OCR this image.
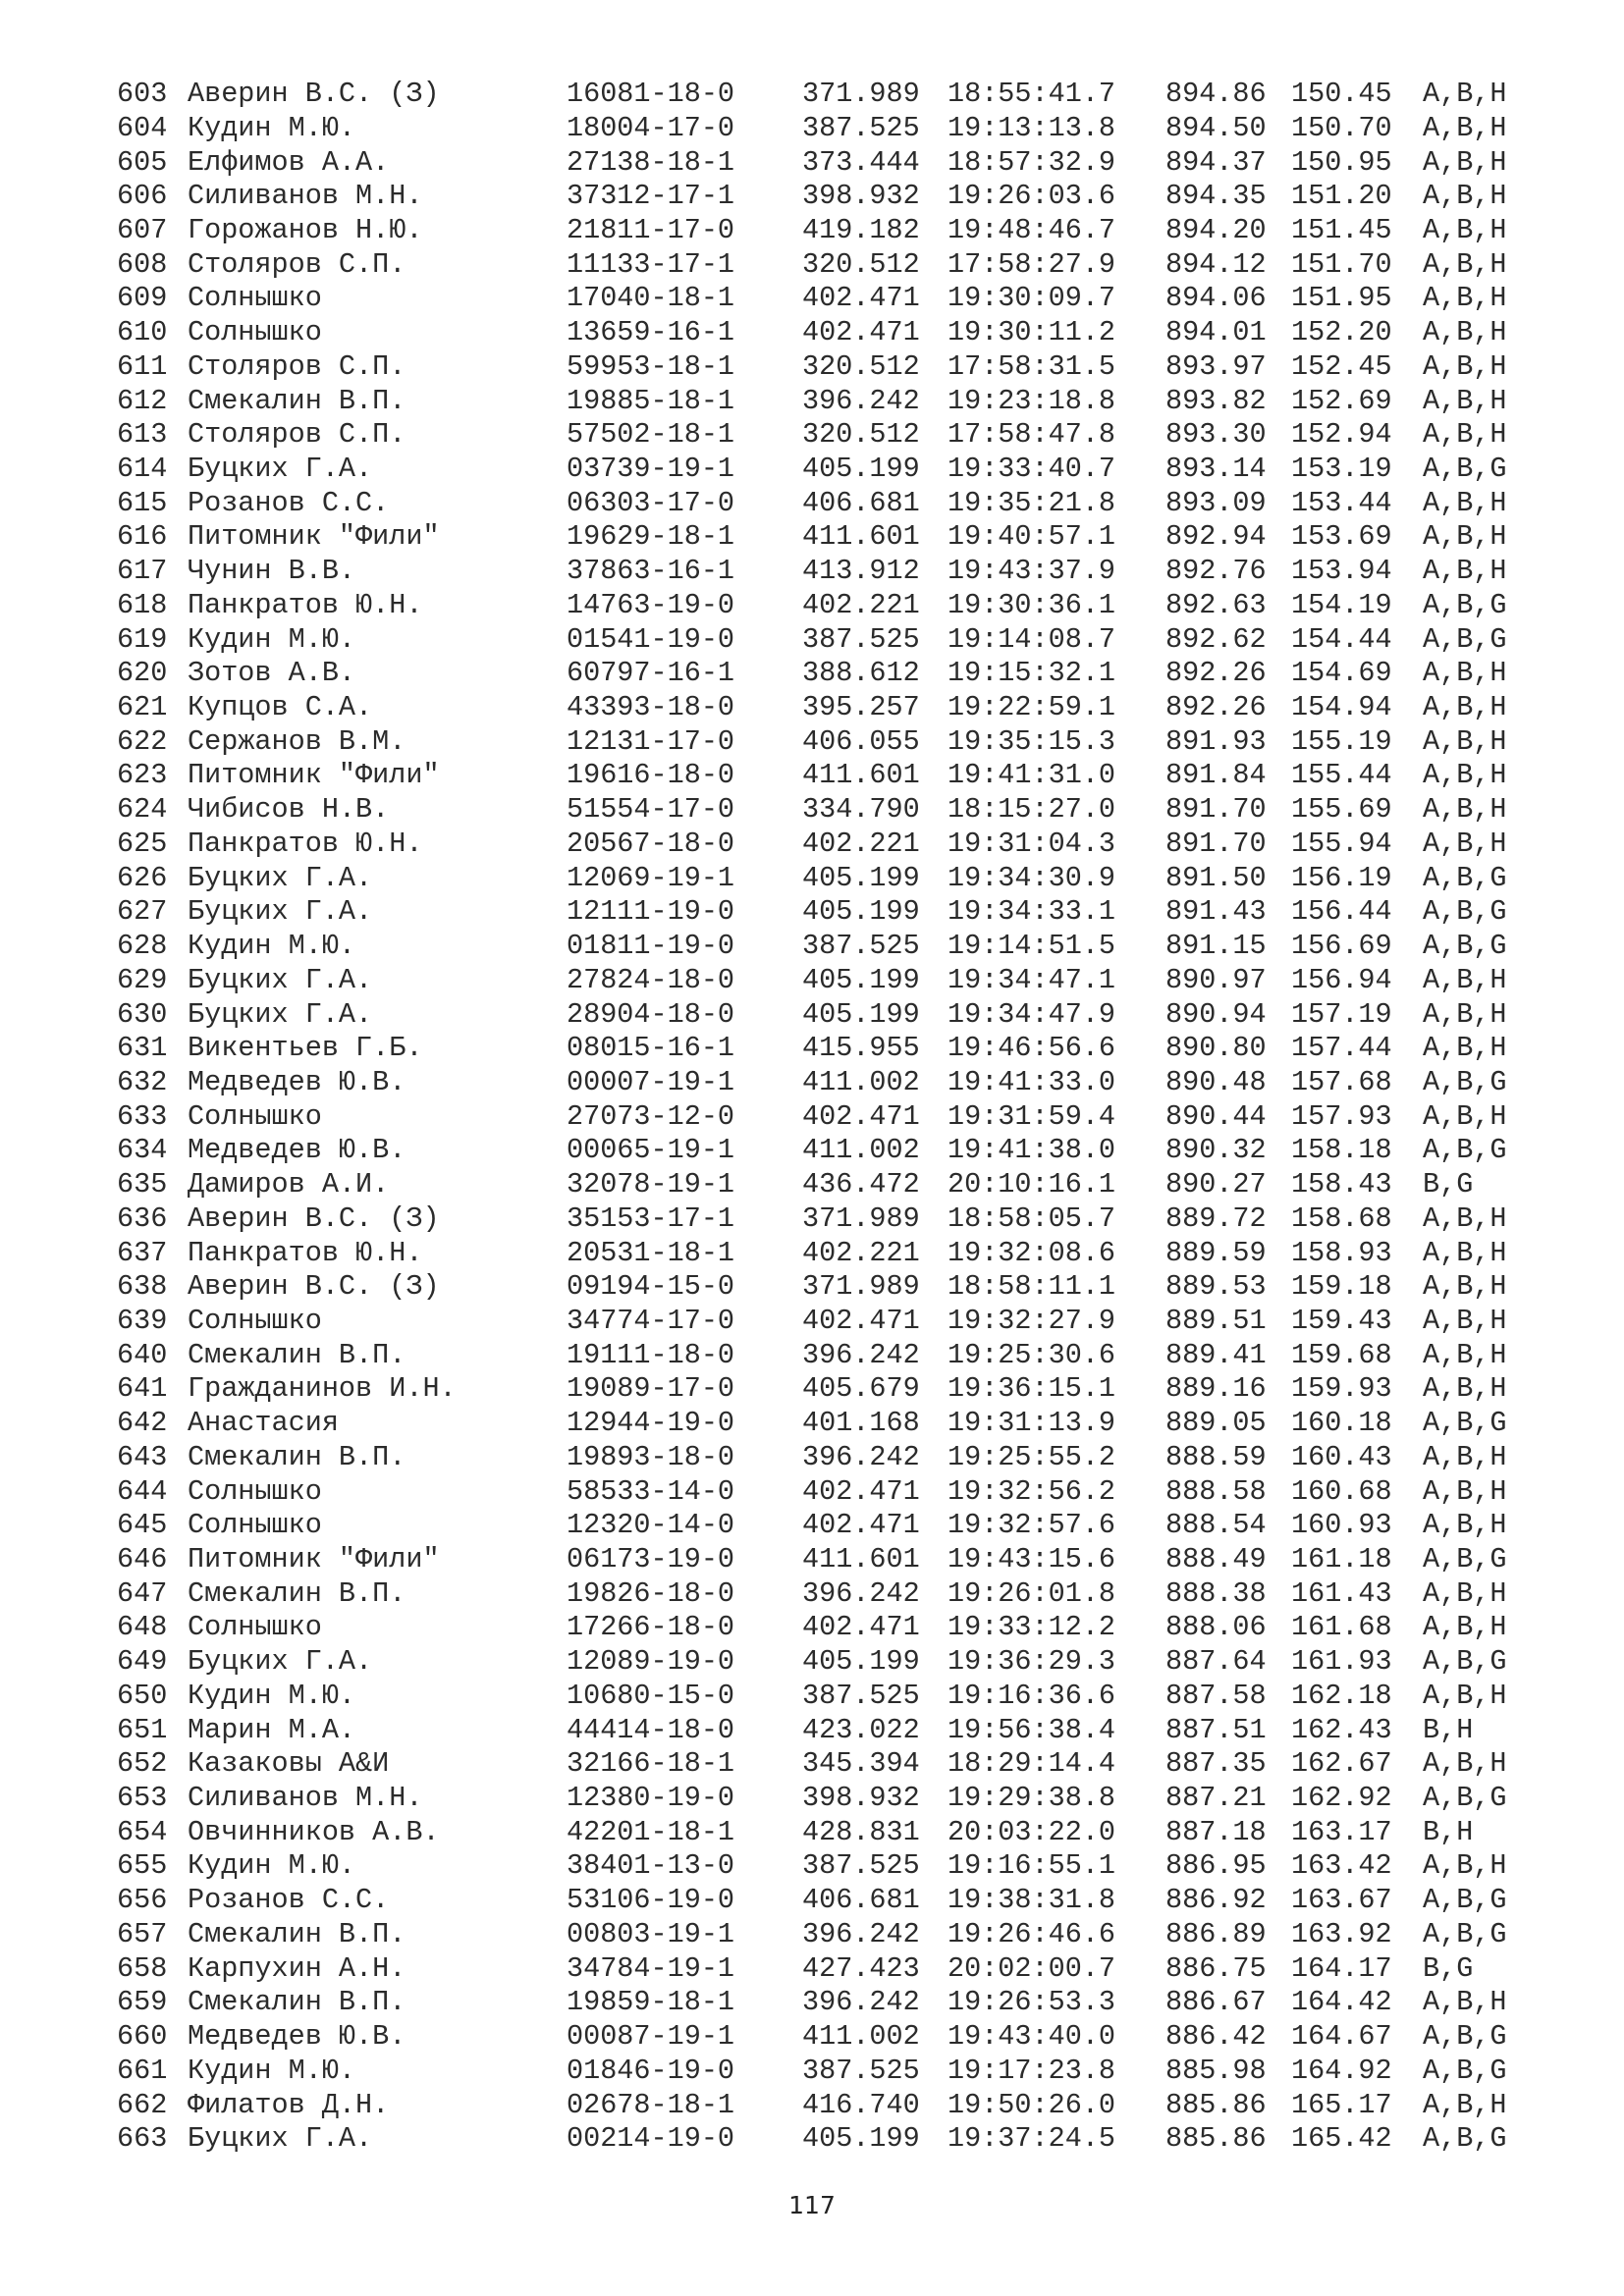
603 Аверин В.С. (З)	16081-18-0	371.989 18:55:41.7	894.86 150.45	A,B,H
604 Кудин М.Ю.	18004-17-0	387.525 19:13:13.8	894.50 150.70	A,B,H
605 Елфимов А.А.	27138-18-1	373.444 18:57:32.9	894.37 150.95	A,B,H
606 Силиванов М.Н.	37312-17-1	398.932 19:26:03.6	894.35 151.20	A,B,H
607 Горожанов Н.Ю.	21811-17-0	419.182 19:48:46.7	894.20 151.45	A,B,H
608 Столяров С.П.	11133-17-1	320.512 17:58:27.9	894.12 151.70	A,B,H
609 Солнышко	17040-18-1	402.471 19:30:09.7	894.06 151.95	A,B,H
610 Солнышко	13659-16-1	402.471 19:30:11.2	894.01 152.20	A,B,H
611 Столяров С.П.	59953-18-1	320.512 17:58:31.5	893.97 152.45	A,B,H
612 Смекалин В.П.	19885-18-1	396.242 19:23:18.8	893.82 152.69	A,B,H
613 Столяров С.П.	57502-18-1	320.512 17:58:47.8	893.30 152.94	A,B,H
614 Буцких Г.А.	03739-19-1	405.199 19:33:40.7	893.14 153.19	A,B,G
615 Розанов С.С.	06303-17-0	406.681 19:35:21.8	893.09 153.44	A,B,H
616 Питомник "Фили"	19629-18-1	411.601 19:40:57.1	892.94 153.69	A,B,H
617 Чунин В.В.	37863-16-1	413.912 19:43:37.9	892.76 153.94	A,B,H
618 Панкратов Ю.Н.	14763-19-0	402.221 19:30:36.1	892.63 154.19	A,B,G
619 Кудин М.Ю.	01541-19-0	387.525 19:14:08.7	892.62 154.44	A,B,G
620 Зотов А.В.	60797-16-1	388.612 19:15:32.1	892.26 154.69	A,B,H
621 Купцов С.А.	43393-18-0	395.257 19:22:59.1	892.26 154.94	A,B,H
622 Сержанов В.М.	12131-17-0	406.055 19:35:15.3	891.93 155.19	A,B,H
623 Питомник "Фили"	19616-18-0	411.601 19:41:31.0	891.84 155.44	A,B,H
624 Чибисов Н.В.	51554-17-0	334.790 18:15:27.0	891.70 155.69	A,B,H
625 Панкратов Ю.Н.	20567-18-0	402.221 19:31:04.3	891.70 155.94	A,B,H
626 Буцких Г.А.	12069-19-1	405.199 19:34:30.9	891.50 156.19	A,B,G
627 Буцких Г.А.	12111-19-0	405.199 19:34:33.1	891.43 156.44	A,B,G
628 Кудин М.Ю.	01811-19-0	387.525 19:14:51.5	891.15 156.69	A,B,G
629 Буцких Г.А.	27824-18-0	405.199 19:34:47.1	890.97 156.94	A,B,H
630 Буцких Г.А.	28904-18-0	405.199 19:34:47.9	890.94 157.19	A,B,H
631 Викентьев Г.Б.	08015-16-1	415.955 19:46:56.6	890.80 157.44	A,B,H
632 Медведев Ю.В.	00007-19-1	411.002 19:41:33.0	890.48 157.68	A,B,G
633 Солнышко	27073-12-0	402.471 19:31:59.4	890.44 157.93	A,B,H
634 Медведев Ю.В.	00065-19-1	411.002 19:41:38.0	890.32 158.18	A,B,G
635 Дамиров А.И.	32078-19-1	436.472 20:10:16.1	890.27 158.43	B,G
636 Аверин В.С. (З)	35153-17-1	371.989 18:58:05.7	889.72 158.68	A,B,H
637 Панкратов Ю.Н.	20531-18-1	402.221 19:32:08.6	889.59 158.93	A,B,H
638 Аверин В.С. (З)	09194-15-0	371.989 18:58:11.1	889.53 159.18	A,B,H
639 Солнышко	34774-17-0	402.471 19:32:27.9	889.51 159.43	A,B,H
640 Смекалин В.П.	19111-18-0	396.242 19:25:30.6	889.41 159.68	A,B,H
641 Гражданинов И.Н.	19089-17-0	405.679 19:36:15.1	889.16 159.93	A,B,H
642 Анастасия	12944-19-0	401.168 19:31:13.9	889.05 160.18	A,B,G
643 Смекалин В.П.	19893-18-0	396.242 19:25:55.2	888.59 160.43	A,B,H
644 Солнышко	58533-14-0	402.471 19:32:56.2	888.58 160.68	A,B,H
645 Солнышко	12320-14-0	402.471 19:32:57.6	888.54 160.93	A,B,H
646 Питомник "Фили"	06173-19-0	411.601 19:43:15.6	888.49 161.18	A,B,G
647 Смекалин В.П.	19826-18-0	396.242 19:26:01.8	888.38 161.43	A,B,H
648 Солнышко	17266-18-0	402.471 19:33:12.2	888.06 161.68	A,B,H
649 Буцких Г.А.	12089-19-0	405.199 19:36:29.3	887.64 161.93	A,B,G
650 Кудин М.Ю.	10680-15-0	387.525 19:16:36.6	887.58 162.18	A,B,H
651 Марин М.А.	44414-18-0	423.022 19:56:38.4	887.51 162.43	B,H
652 Казаковы А&И	32166-18-1	345.394 18:29:14.4	887.35 162.67	A,B,H
653 Силиванов М.Н.	12380-19-0	398.932 19:29:38.8	887.21 162.92	A,B,G
654 Овчинников А.В.	42201-18-1	428.831 20:03:22.0	887.18 163.17	B,H
655 Кудин М.Ю.	38401-13-0	387.525 19:16:55.1	886.95 163.42	A,B,H
656 Розанов С.С.	53106-19-0	406.681 19:38:31.8	886.92 163.67	A,B,G
657 Смекалин В.П.	00803-19-1	396.242 19:26:46.6	886.89 163.92	A,B,G
658 Карпухин А.Н.	34784-19-1	427.423 20:02:00.7	886.75 164.17	B,G
659 Смекалин В.П.	19859-18-1	396.242 19:26:53.3	886.67 164.42	A,B,H
660 Медведев Ю.В.	00087-19-1	411.002 19:43:40.0	886.42 164.67	A,B,G
661 Кудин М.Ю.	01846-19-0	387.525 19:17:23.8	885.98 164.92	A,B,G
662 Филатов Д.Н.	02678-18-1	416.740 19:50:26.0	885.86 165.17	A,B,H
663 Буцких Г.А.	00214-19-0	405.199 19:37:24.5	885.86 165.42	A,B,G
117
